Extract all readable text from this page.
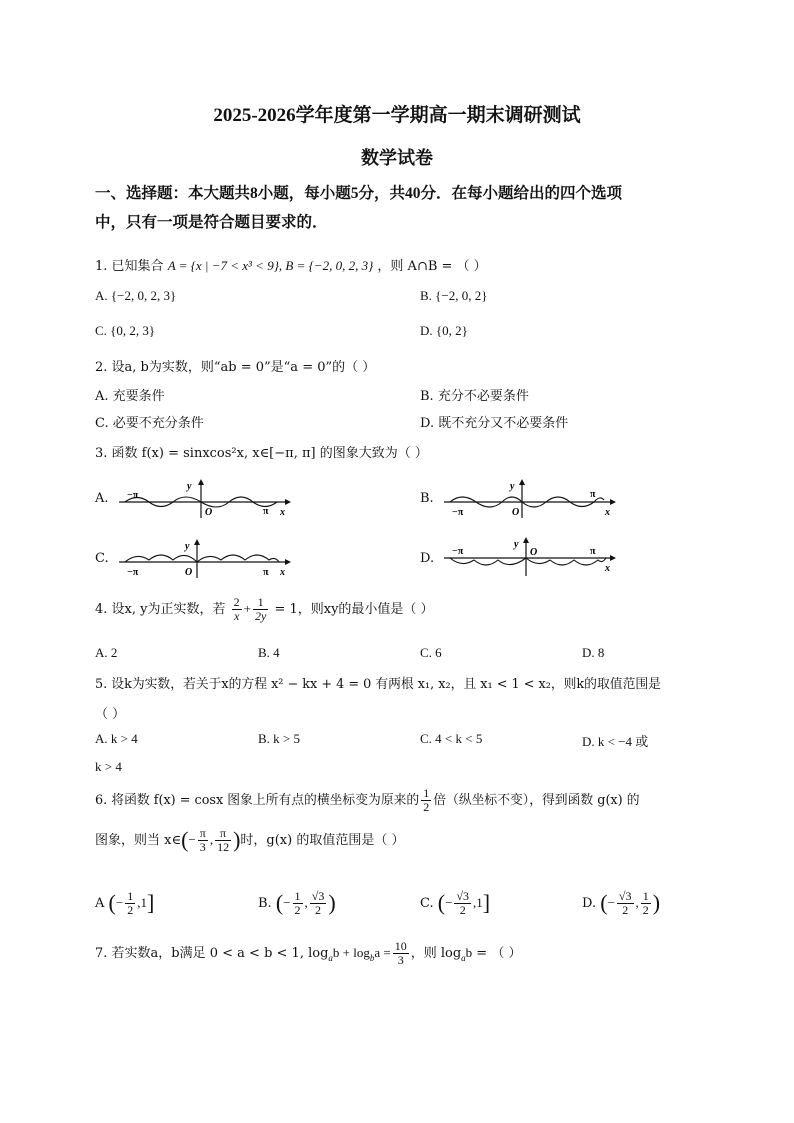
2025-2026学年度第一学期高一期末调研测试
数学试卷
一、选择题：本大题共8小题，每小题5分，共40分．在每小题给出的四个选项
中，只有一项是符合题目要求的．
1. 已知集合 A = {x | −7 < x³ < 9}, B = {−2, 0, 2, 3} ，则 A∩B = （ ）
A. {−2, 0, 2, 3}	B. {−2, 0, 2}
C. {0, 2, 3}	D. {0, 2}
2. 设a, b为实数，则“ab = 0”是“a = 0”的（ ）
A. 充要条件	B. 充分不必要条件
C. 必要不充分条件	D. 既不充分又不必要条件
3. 函数 f(x) = sinxcos²x, x∈[−π, π] 的图象大致为（ ）
A.	B.
C.	D.
−π
y
O	π x	−π
y
O
π
x
−π
y
O	π x
−π
y
O	π
x
4. 设x, y为正实数，若 $\frac{2}{x} + \frac{1}{2y} = 1$，则xy的最小值是（ ）
A. 2	B. 4	C. 6	D. 8
5. 设k为实数，若关于x的方程 x² − kx + 4 = 0 有两根 x₁, x₂，且 x₁ < 1 < x₂，则k的取值范围是
（ ）
A. k > 4	B. k > 5	C. 4 < k < 5	D. k < −4 或
k > 4
6. 将函数 f(x) = cosx 图象上所有点的横坐标变为原来的 $\frac{1}{2}$ 倍（纵坐标不变），得到函数 g(x) 的
图象，则当 x∈(− $\frac{\pi}{3}$ , $\frac{\pi}{12}$ )时，g(x) 的取值范围是（ ）
A (− $\frac{1}{2} ,1$]	B. (− $\frac{1}{2}$ , $\frac{√3}{2}$ )	C. (− $\frac{√3}{2} ,1$]	D. (− $\frac{√3}{2}$ , $\frac{1}{2}$ )
7. 若实数a，b满足 0 < a < b < 1, $\log_ab + \log_ba = \frac{10}{3}$ ，则 $\log_ab$ = （ ）
